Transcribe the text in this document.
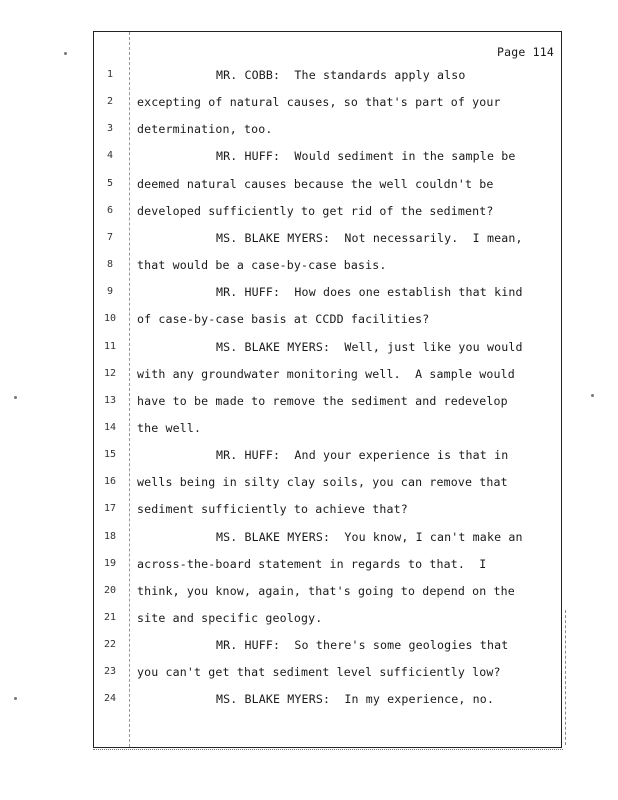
Page 114
1	MR. COBB:  The standards apply also
2	excepting of natural causes, so that's part of your
3	determination, too.
4	MR. HUFF:  Would sediment in the sample be
5	deemed natural causes because the well couldn't be
6	developed sufficiently to get rid of the sediment?
7	MS. BLAKE MYERS:  Not necessarily.  I mean,
8	that would be a case-by-case basis.
9	MR. HUFF:  How does one establish that kind
10	of case-by-case basis at CCDD facilities?
11	MS. BLAKE MYERS:  Well, just like you would
12	with any groundwater monitoring well.  A sample would
13	have to be made to remove the sediment and redevelop
14	the well.
15	MR. HUFF:  And your experience is that in
16	wells being in silty clay soils, you can remove that
17	sediment sufficiently to achieve that?
18	MS. BLAKE MYERS:  You know, I can't make an
19	across-the-board statement in regards to that.  I
20	think, you know, again, that's going to depend on the
21	site and specific geology.
22	MR. HUFF:  So there's some geologies that
23	you can't get that sediment level sufficiently low?
24	MS. BLAKE MYERS:  In my experience, no.
